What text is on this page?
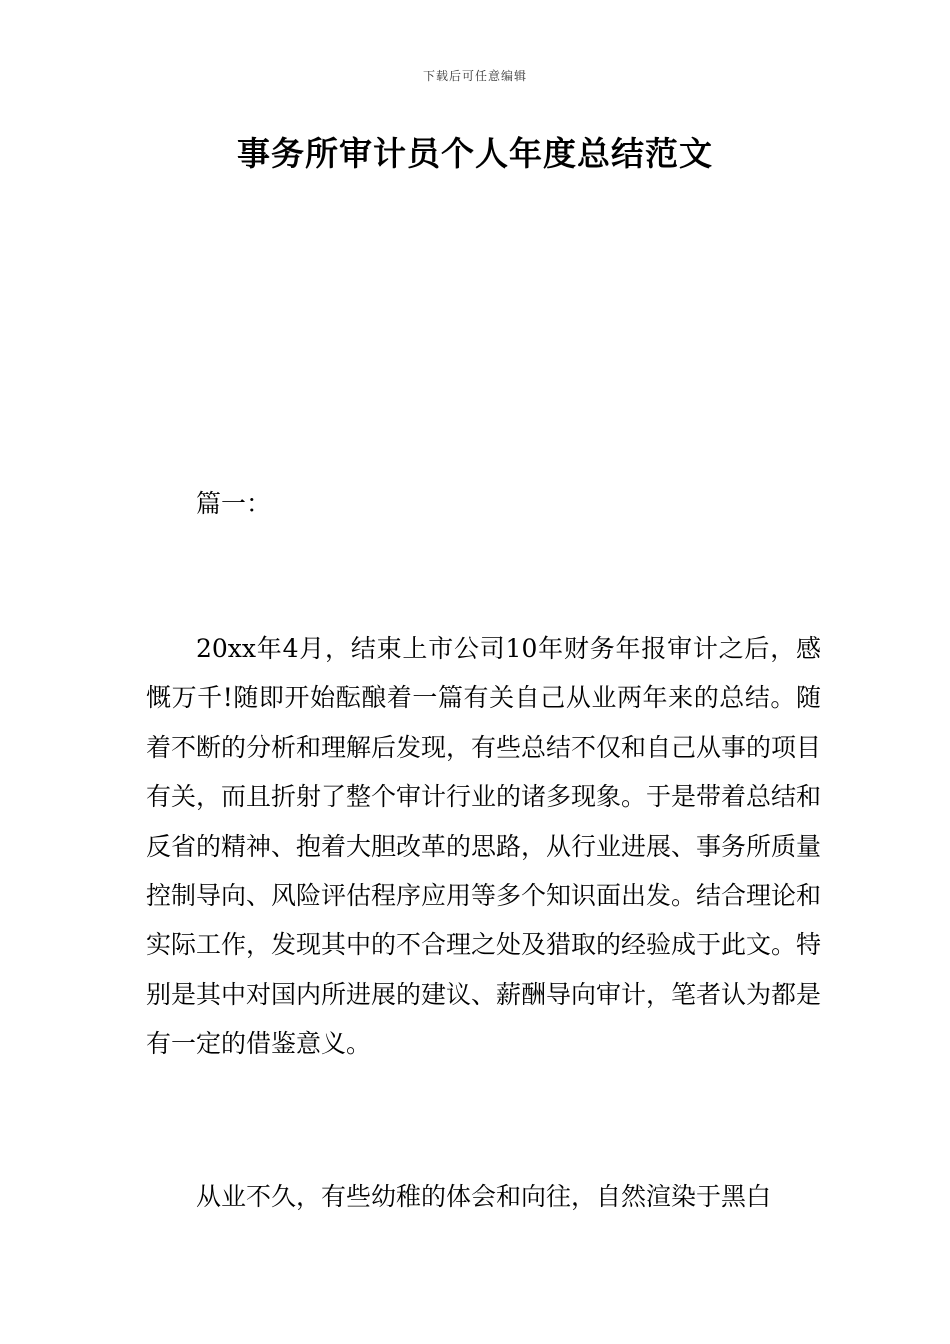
下载后可任意编辑
事务所审计员个人年度总结范文
篇一：

20xx年4月，结束上市公司10年财务年报审计之后，感慨万千!随即开始酝酿着一篇有关自己从业两年来的总结。随着不断的分析和理解后发现，有些总结不仅和自己从事的项目有关，而且折射了整个审计行业的诸多现象。于是带着总结和反省的精神、抱着大胆改革的思路，从行业进展、事务所质量控制导向、风险评估程序应用等多个知识面出发。结合理论和实际工作，发现其中的不合理之处及猎取的经验成于此文。特别是其中对国内所进展的建议、薪酬导向审计，笔者认为都是有一定的借鉴意义。

从业不久，有些幼稚的体会和向往，自然渲染于黑白
